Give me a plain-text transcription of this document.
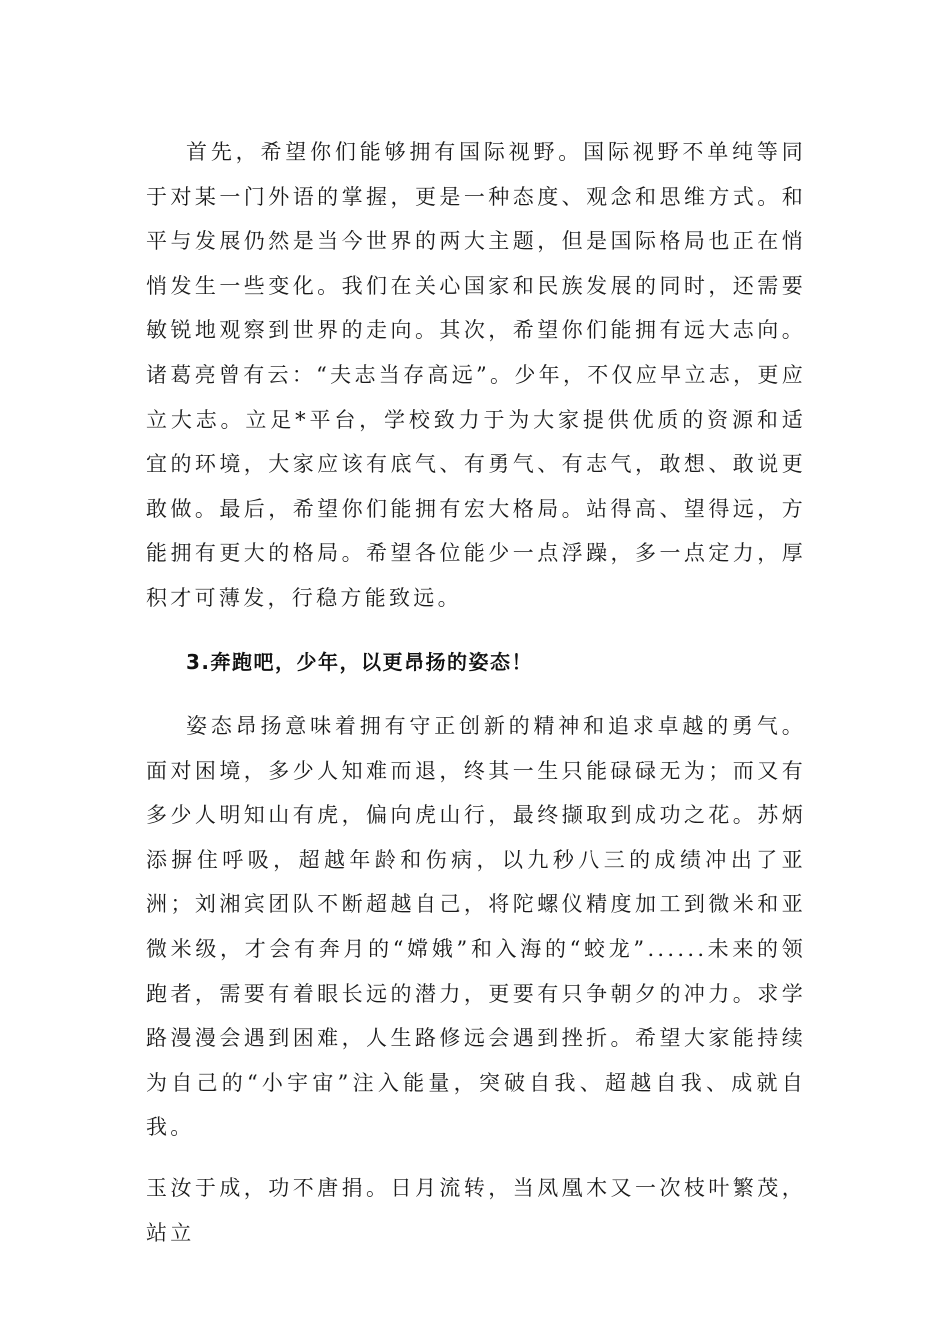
首先，希望你们能够拥有国际视野。国际视野不单纯等同于对某一门外语的掌握，更是一种态度、观念和思维方式。和平与发展仍然是当今世界的两大主题，但是国际格局也正在悄悄发生一些变化。我们在关心国家和民族发展的同时，还需要敏锐地观察到世界的走向。其次，希望你们能拥有远大志向。诸葛亮曾有云：“夫志当存高远”。少年，不仅应早立志，更应立大志。立足*平台，学校致力于为大家提供优质的资源和适宜的环境，大家应该有底气、有勇气、有志气，敢想、敢说更敢做。最后，希望你们能拥有宏大格局。站得高、望得远，方能拥有更大的格局。希望各位能少一点浮躁，多一点定力，厚积才可薄发，行稳方能致远。

3.奔跑吧，少年，以更昂扬的姿态！

姿态昂扬意味着拥有守正创新的精神和追求卓越的勇气。面对困境，多少人知难而退，终其一生只能碌碌无为；而又有多少人明知山有虎，偏向虎山行，最终撷取到成功之花。苏炳添摒住呼吸，超越年龄和伤病，以九秒八三的成绩冲出了亚洲；刘湘宾团队不断超越自己，将陀螺仪精度加工到微米和亚微米级，才会有奔月的“嫦娥”和入海的“蛟龙”......未来的领跑者，需要有着眼长远的潜力，更要有只争朝夕的冲力。求学路漫漫会遇到困难，人生路修远会遇到挫折。希望大家能持续为自己的“小宇宙”注入能量，突破自我、超越自我、成就自我。

玉汝于成，功不唐捐。日月流转，当凤凰木又一次枝叶繁茂，站立
